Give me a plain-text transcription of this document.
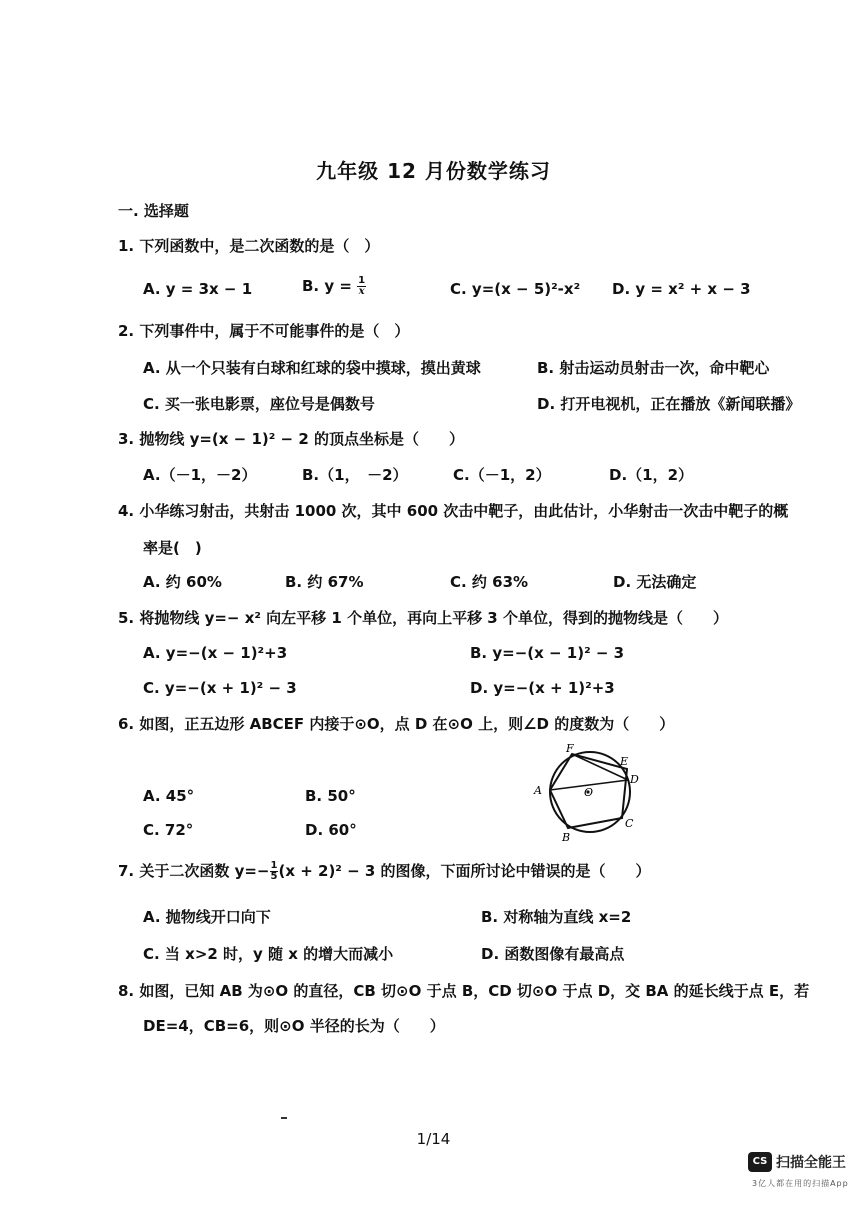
九年级 12 月份数学练习
一. 选择题
1. 下列函数中，是二次函数的是（　）
A. y = 3x − 1	B. $y = \frac{1}{x}$	C. y=(x − 5)²-x² D. y = x² + x − 3
2. 下列事件中，属于不可能事件的是（　）
A. 从一个只装有白球和红球的袋中摸球，摸出黄球	B. 射击运动员射击一次，命中靶心
C. 买一张电影票，座位号是偶数号	D. 打开电视机，正在播放《新闻联播》
3. 抛物线 y=(x − 1)² − 2 的顶点坐标是（　　）
A.（－1，－2）	B.（1，　－2）	C.（－1，2）	D.（1，2）
4. 小华练习射击，共射击 1000 次，其中 600 次击中靶子，由此估计，小华射击一次击中靶子的概
率是(　)
A. 约 60%	B. 约 67%	C. 约 63%	D. 无法确定
5. 将抛物线 y=− x² 向左平移 1 个单位，再向上平移 3 个单位，得到的抛物线是（　　）
A. y=−(x − 1)²+3	B. y=−(x − 1)² − 3
C. y=−(x + 1)² − 3	D. y=−(x + 1)²+3
6. 如图，正五边形 ABCEF 内接于⊙O，点 D 在⊙O 上，则∠D 的度数为（　　）
A. 45°	B. 50°
C. 72°	D. 60°
A
B
C
D
E
F
O
7. 关于二次函数 $y=- \frac{1}{5} (x + 2)^2 - 3$ 的图像，下面所讨论中错误的是（　　）
A. 抛物线开口向下	B. 对称轴为直线 x=2
C. 当 x>2 时，y 随 x 的增大而减小	D. 函数图像有最高点
8. 如图，已知 AB 为⊙O 的直径，CB 切⊙O 于点 B，CD 切⊙O 于点 D，交 BA 的延长线于点 E，若
DE=4，CB=6，则⊙O 半径的长为（　　）
1/14
CS 扫描全能王
3亿人都在用的扫描App
